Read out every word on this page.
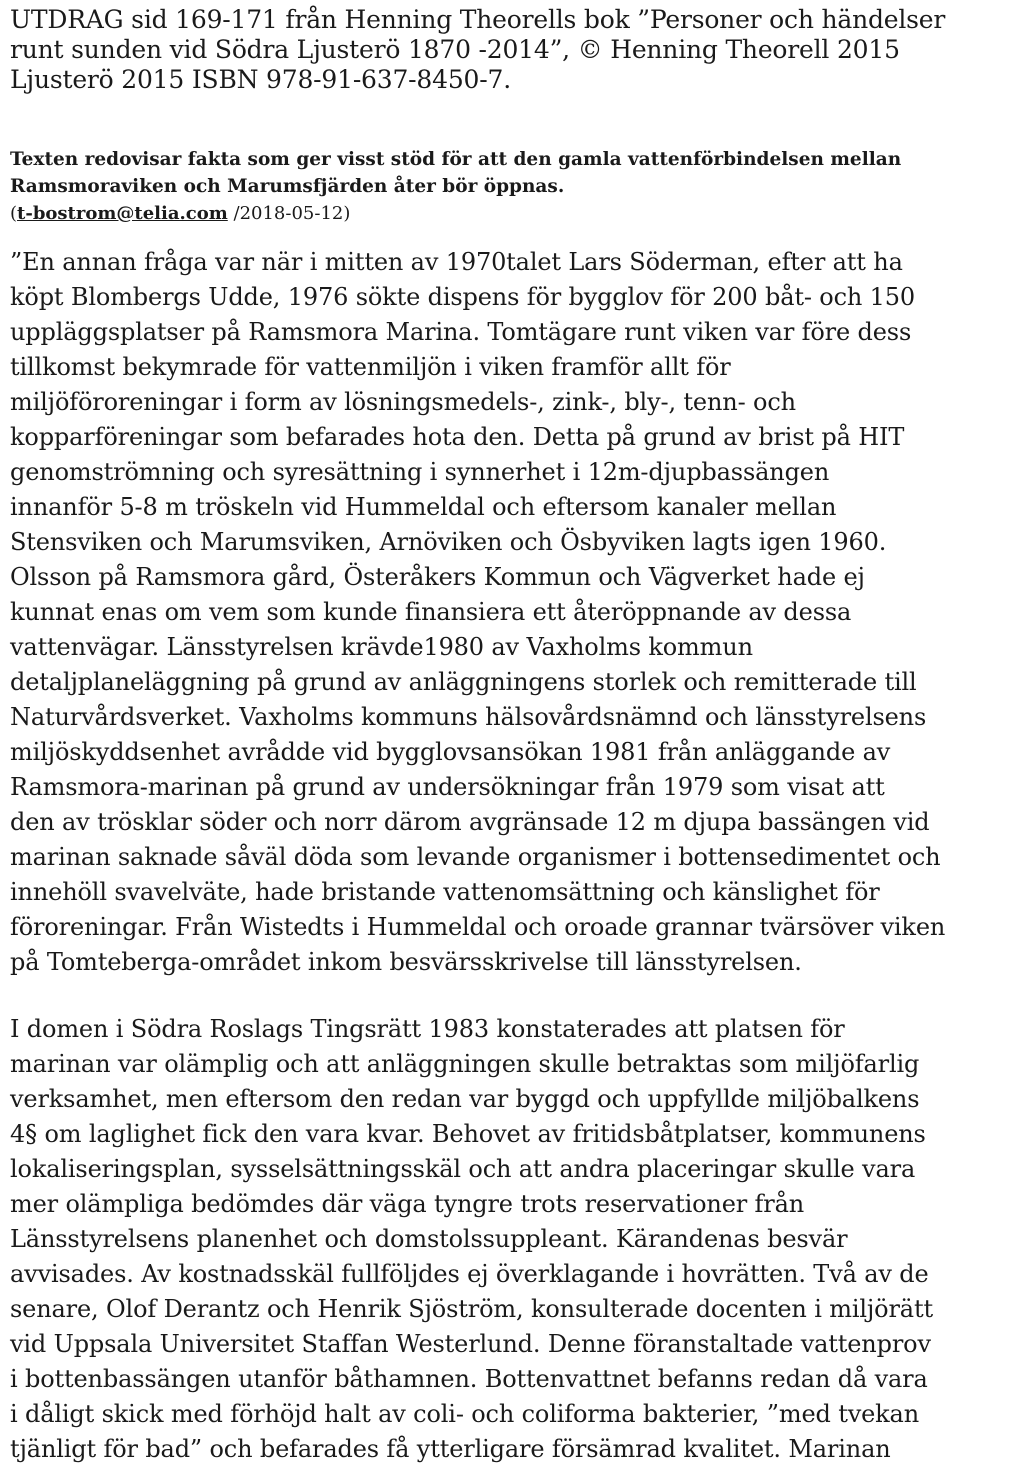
UTDRAG sid 169-171 från Henning Theorells bok ”Personer och händelser

runt sunden vid Södra Ljusterö 1870 -2014”, © Henning Theorell 2015

Ljusterö 2015 ISBN 978-91-637-8450-7.

Texten redovisar fakta som ger visst stöd för att den gamla vattenförbindelsen mellan

Ramsmoraviken och Marumsfjärden åter bör öppnas.

(t-bostrom@telia.com /2018-05-12)
”En annan fråga var när i mitten av 1970talet Lars Söderman, efter att ha
köpt Blombergs Udde, 1976 sökte dispens för bygglov för 200 båt- och 150
uppläggsplatser på Ramsmora Marina. Tomtägare runt viken var före dess
tillkomst bekymrade för vattenmiljön i viken framför allt för
miljöföroreningar i form av lösningsmedels-, zink-, bly-, tenn- och
kopparföreningar som befarades hota den. Detta på grund av brist på HIT
genomströmning och syresättning i synnerhet i 12m-djupbassängen
innanför 5-8 m tröskeln vid Hummeldal och eftersom kanaler mellan
Stensviken och Marumsviken, Arnöviken och Ösbyviken lagts igen 1960.
Olsson på Ramsmora gård, Österåkers Kommun och Vägverket hade ej
kunnat enas om vem som kunde finansiera ett återöppnande av dessa
vattenvägar. Länsstyrelsen krävde1980 av Vaxholms kommun
detaljplaneläggning på grund av anläggningens storlek och remitterade till
Naturvårdsverket. Vaxholms kommuns hälsovårdsnämnd och länsstyrelsens
miljöskyddsenhet avrådde vid bygglovsansökan 1981 från anläggande av
Ramsmora-marinan på grund av undersökningar från 1979 som visat att
den av trösklar söder och norr därom avgränsade 12 m djupa bassängen vid
marinan saknade såväl döda som levande organismer i bottensedimentet och
innehöll svavelväte, hade bristande vattenomsättning och känslighet för
föroreningar. Från Wistedts i Hummeldal och oroade grannar tvärsöver viken
på Tomteberga-området inkom besvärsskrivelse till länsstyrelsen.
I domen i Södra Roslags Tingsrätt 1983 konstaterades att platsen för
marinan var olämplig och att anläggningen skulle betraktas som miljöfarlig
verksamhet, men eftersom den redan var byggd och uppfyllde miljöbalkens
4§ om laglighet fick den vara kvar. Behovet av fritidsbåtplatser, kommunens
lokaliseringsplan, sysselsättningsskäl och att andra placeringar skulle vara
mer olämpliga bedömdes där väga tyngre trots reservationer från
Länsstyrelsens planenhet och domstolssuppleant. Kärandenas besvär
avvisades. Av kostnadsskäl fullföljdes ej överklagande i hovrätten. Två av de
senare, Olof Derantz och Henrik Sjöström, konsulterade docenten i miljörätt
vid Uppsala Universitet Staffan Westerlund. Denne föranstaltade vattenprov
i bottenbassängen utanför båthamnen. Bottenvattnet befanns redan då vara
i dåligt skick med förhöjd halt av coli- och coliforma bakterier, ”med tvekan
tjänligt för bad” och befarades få ytterligare försämrad kvalitet. Marinan
